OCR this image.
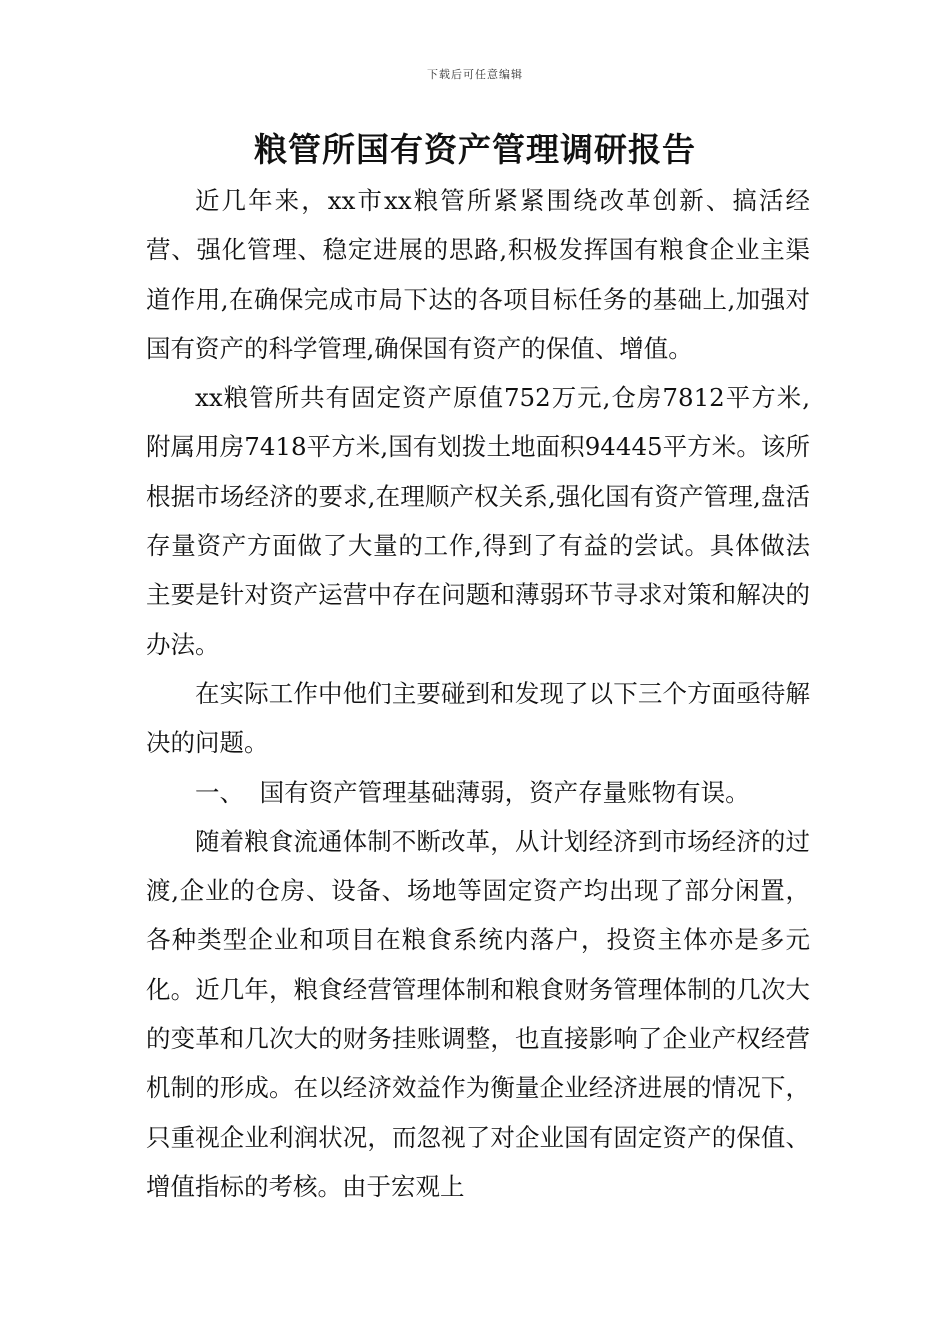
下载后可任意编辑
粮管所国有资产管理调研报告

近几年来，xx市xx粮管所紧紧围绕改革创新、搞活经营、强化管理、稳定进展的思路,积极发挥国有粮食企业主渠道作用,在确保完成市局下达的各项目标任务的基础上,加强对国有资产的科学管理,确保国有资产的保值、增值。

xx粮管所共有固定资产原值752万元,仓房7812平方米,附属用房7418平方米,国有划拨土地面积94445平方米。该所根据市场经济的要求,在理顺产权关系,强化国有资产管理,盘活存量资产方面做了大量的工作,得到了有益的尝试。具体做法主要是针对资产运营中存在问题和薄弱环节寻求对策和解决的办法。

在实际工作中他们主要碰到和发现了以下三个方面亟待解决的问题。

一、  国有资产管理基础薄弱，资产存量账物有误。

随着粮食流通体制不断改革，从计划经济到市场经济的过渡,企业的仓房、设备、场地等固定资产均出现了部分闲置，各种类型企业和项目在粮食系统内落户，投资主体亦是多元化。近几年，粮食经营管理体制和粮食财务管理体制的几次大的变革和几次大的财务挂账调整，也直接影响了企业产权经营机制的形成。在以经济效益作为衡量企业经济进展的情况下，只重视企业利润状况，而忽视了对企业国有固定资产的保值、增值指标的考核。由于宏观上
